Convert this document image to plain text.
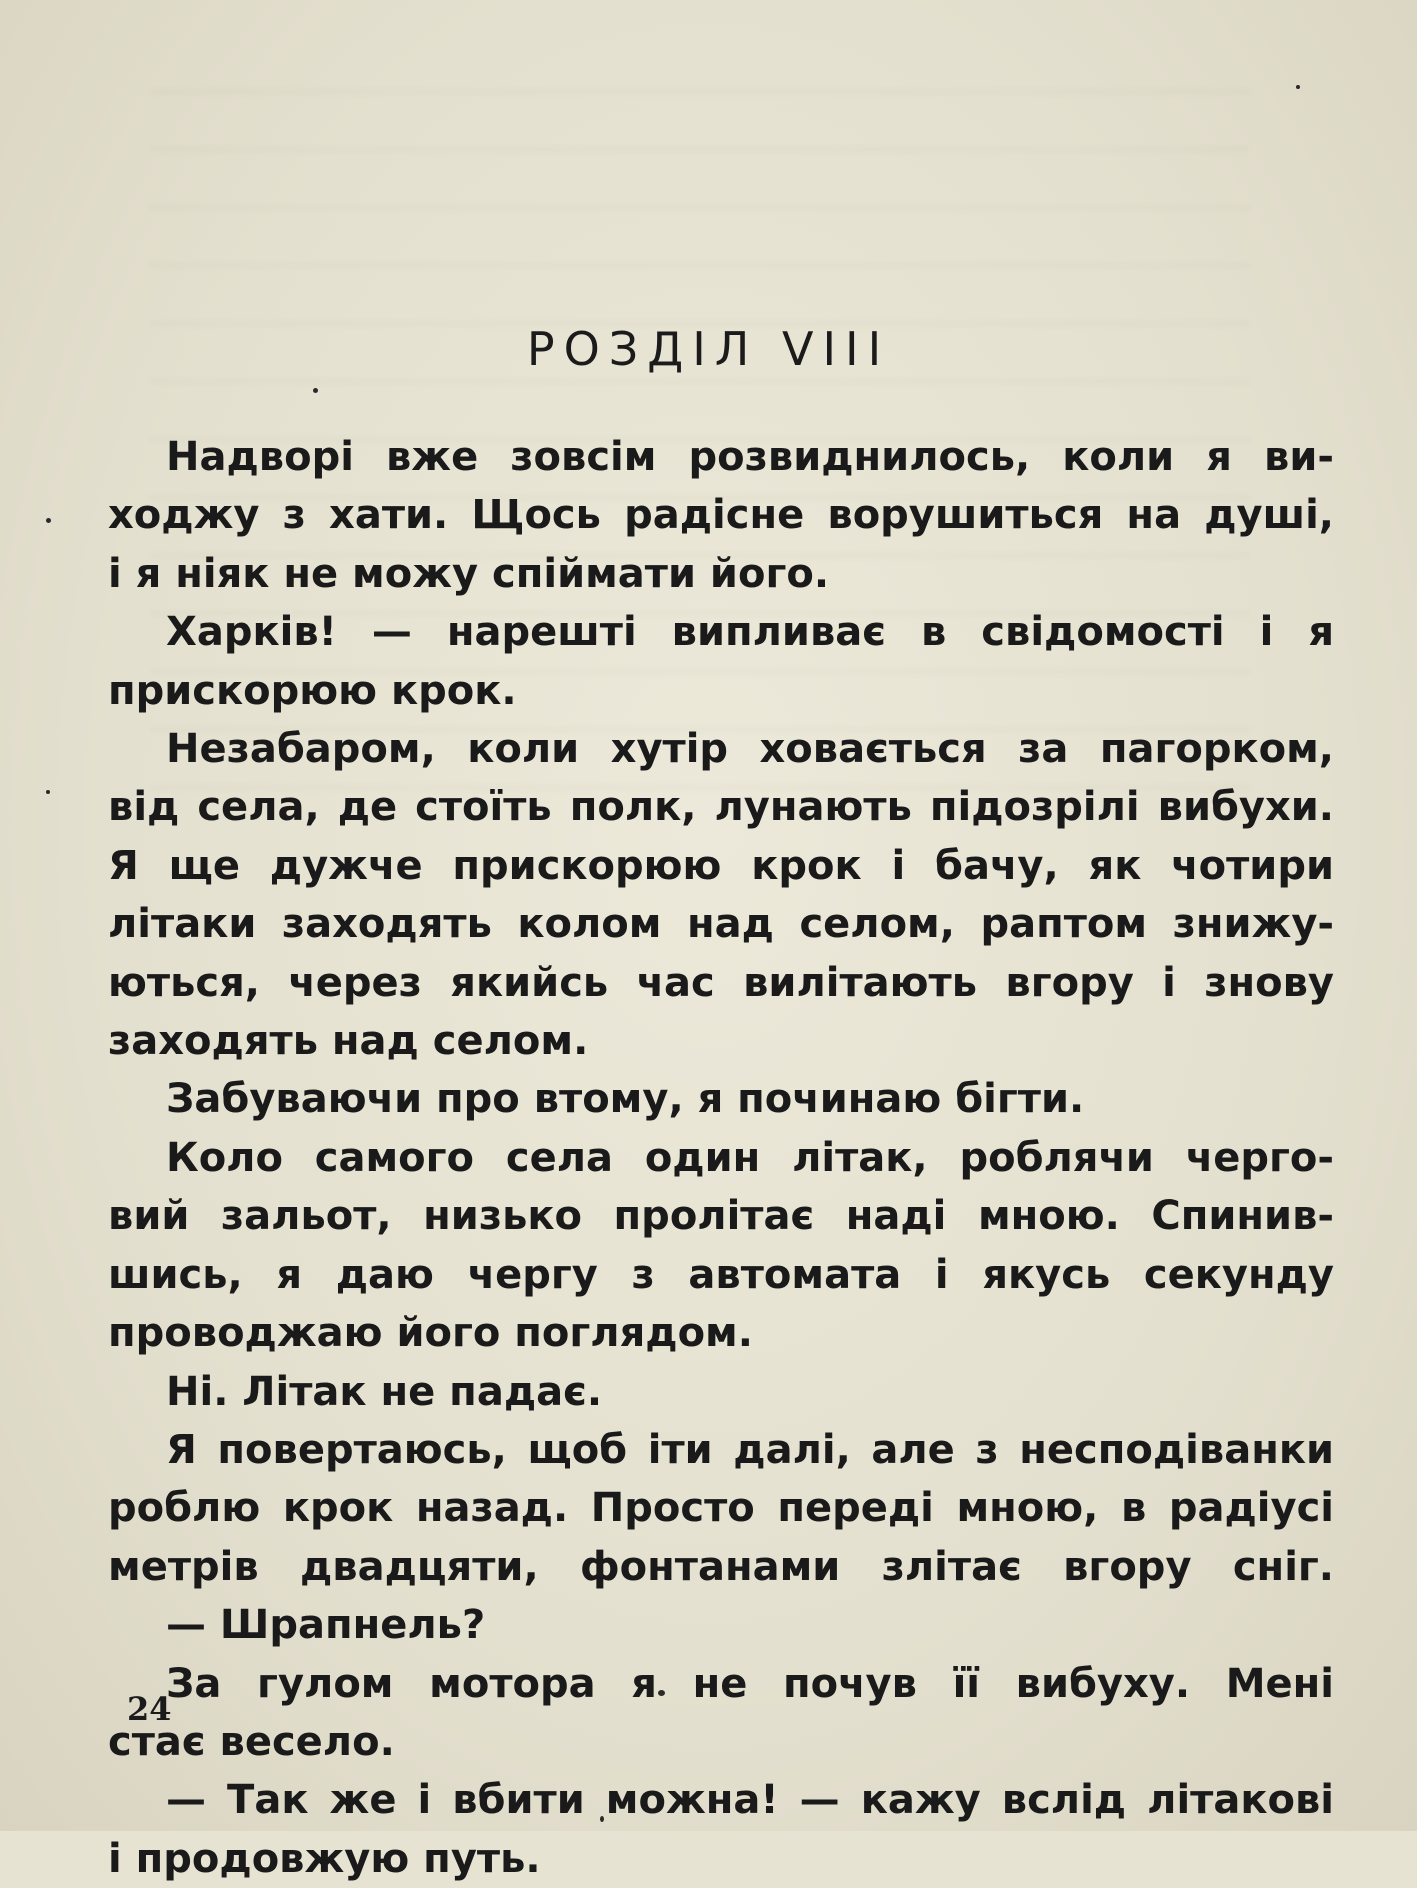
РОЗДІЛ VIII
Надворі вже зовсім розвиднилось, коли я ви-
ходжу з хати. Щось радісне ворушиться на душі,
і я ніяк не можу спіймати його.
Харків! — нарешті випливає в свідомості і я
прискорюю крок.
Незабаром, коли хутір ховається за пагорком,
від села, де стоїть полк, лунають підозрілі вибухи.
Я ще дужче прискорюю крок і бачу, як чотири
літаки заходять колом над селом, раптом знижу-
ються, через якийсь час вилітають вгору і знову
заходять над селом.
Забуваючи про втому, я починаю бігти.
Коло самого села один літак, роблячи черго-
вий зальот, низько пролітає наді мною. Спинив-
шись, я даю чергу з автомата і якусь секунду
проводжаю його поглядом.
Ні. Літак не падає.
Я повертаюсь, щоб іти далі, але з несподіванки
роблю крок назад. Просто переді мною, в радіусі
метрів двадцяти, фонтанами злітає вгору сніг.
— Шрапнель?
За гулом мотора я не почув її вибуху. Мені
стає весело.
— Так же і вбити можна! — кажу вслід літакові
і продовжую путь.
24
